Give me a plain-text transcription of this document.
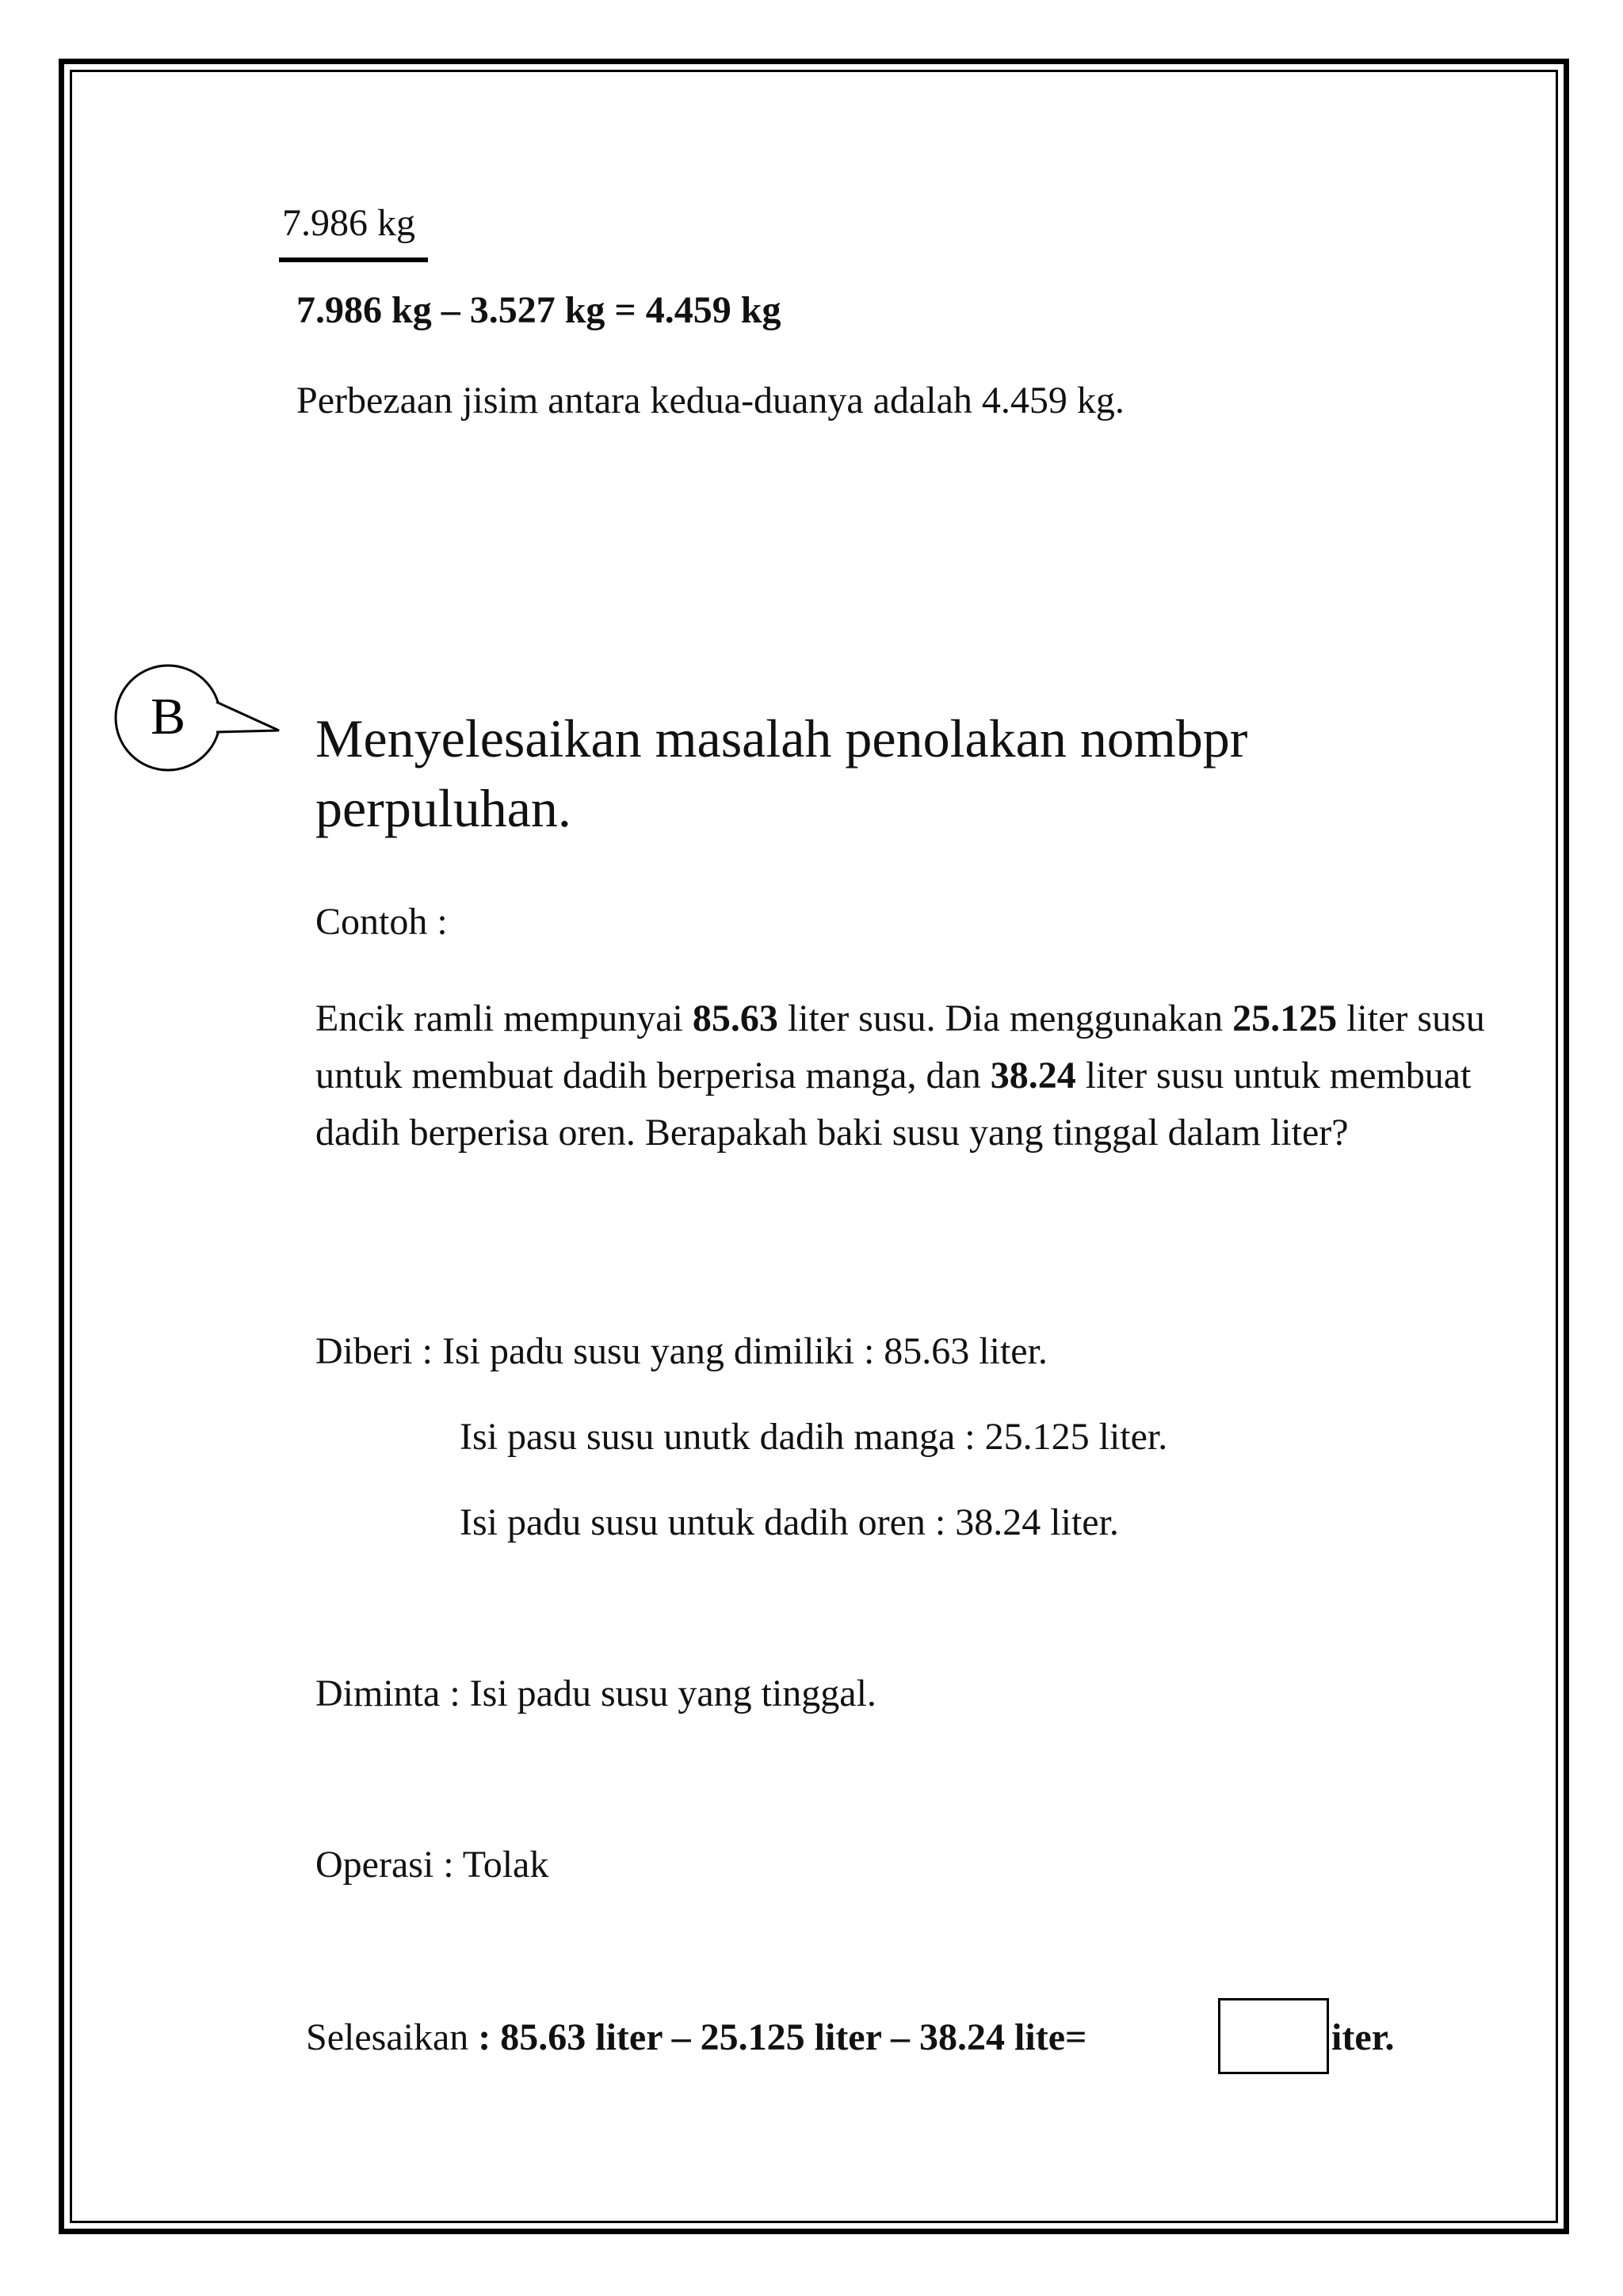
7.986 kg
7.986 kg – 3.527 kg = 4.459 kg
Perbezaan jisim antara kedua-duanya adalah 4.459 kg.
B Menyelesaikan masalah penolakan nombpr perpuluhan.
Contoh :
Encik ramli mempunyai 85.63 liter susu. Dia menggunakan 25.125 liter susu untuk membuat dadih berperisa manga, dan 38.24 liter susu untuk membuat dadih berperisa oren. Berapakah baki susu yang tinggal dalam liter?
Diberi : Isi padu susu yang dimiliki : 85.63 liter.
Isi pasu susu unutk dadih manga : 25.125 liter.
Isi padu susu untuk dadih oren : 38.24 liter.
Diminta : Isi padu susu yang tinggal.
Operasi : Tolak
Selesaikan : 85.63 liter – 25.125 liter – 38.24 lite=	iter.
